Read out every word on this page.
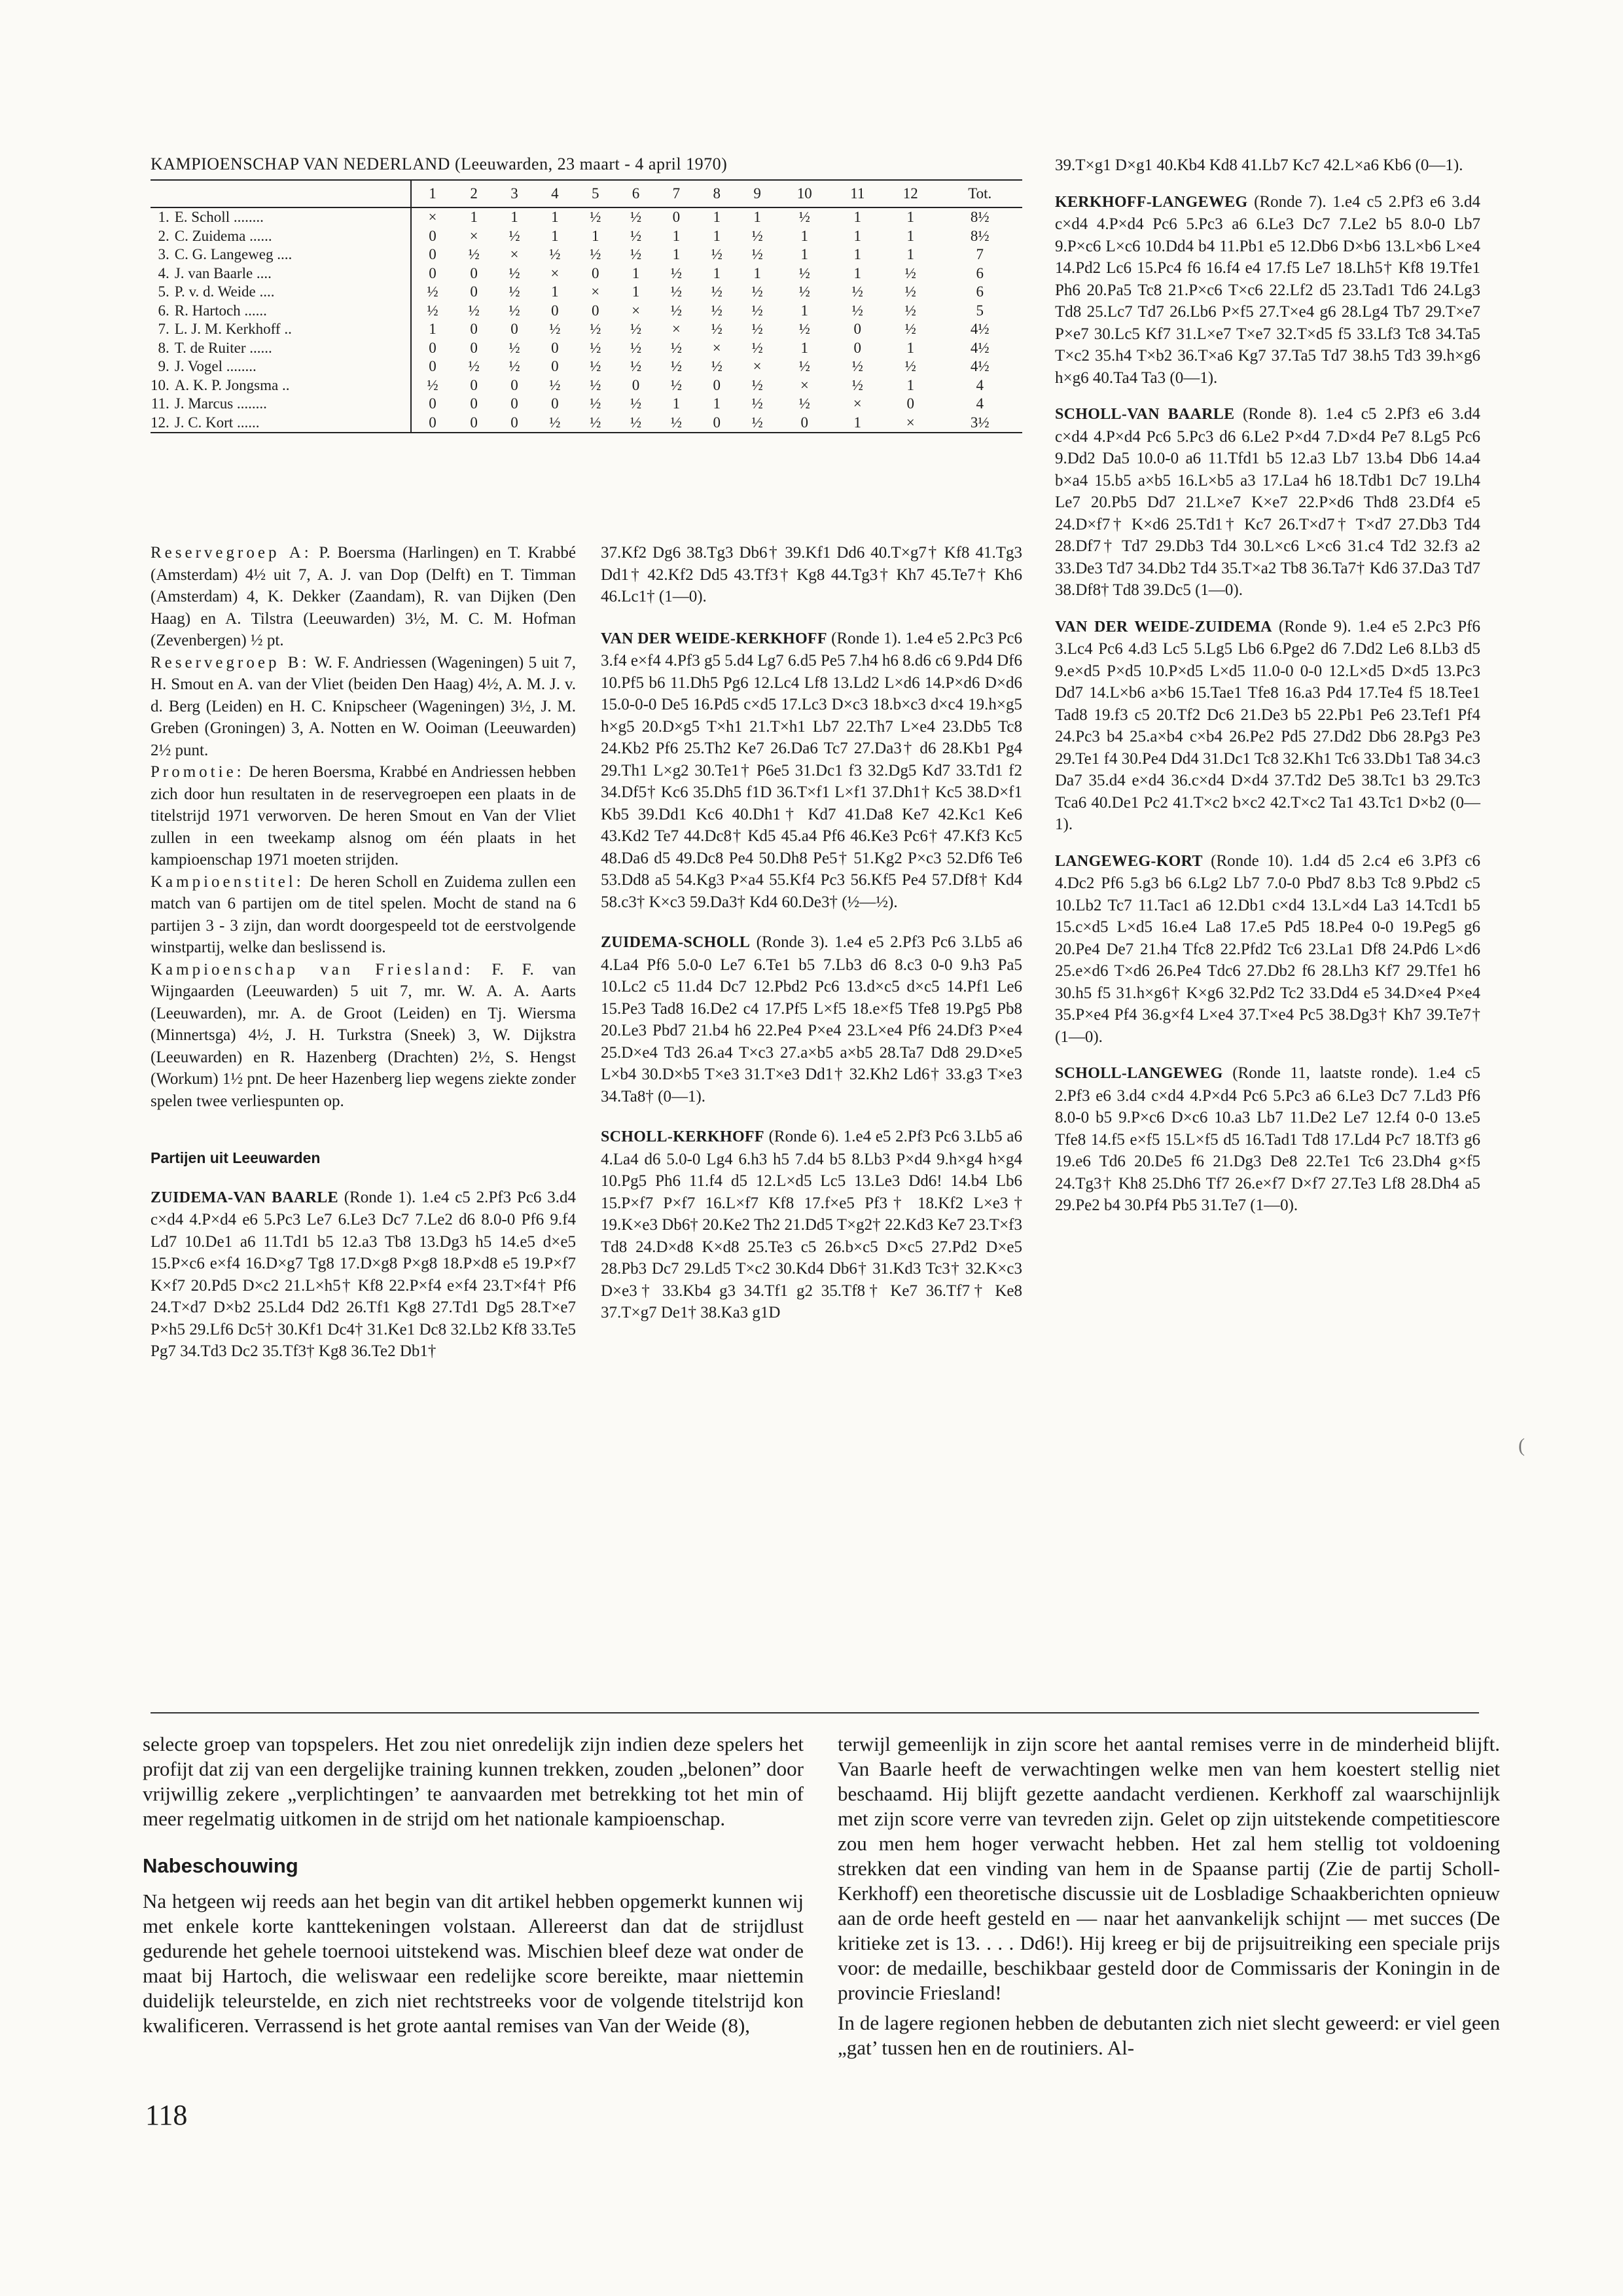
KAMPIOENSCHAP VAN NEDERLAND (Leeuwarden, 23 maart - 4 april 1970)
		1	2	3	4	5	6	7	8	9	10	11	12	Tot.
1.	E. Scholl ........	×	1	1	1	½	½	0	1	1	½	1	1	8½
2.	C. Zuidema ......	0	×	½	1	1	½	1	1	½	1	1	1	8½
3.	C. G. Langeweg ....	0	½	×	½	½	½	1	½	½	1	1	1	7
4.	J. van Baarle ....	0	0	½	×	0	1	½	1	1	½	1	½	6
5.	P. v. d. Weide ....	½	0	½	1	×	1	½	½	½	½	½	½	6
6.	R. Hartoch ......	½	½	½	0	0	×	½	½	½	1	½	½	5
7.	L. J. M. Kerkhoff ..	1	0	0	½	½	½	×	½	½	½	0	½	4½
8.	T. de Ruiter ......	0	0	½	0	½	½	½	×	½	1	0	1	4½
9.	J. Vogel ........	0	½	½	0	½	½	½	½	×	½	½	½	4½
10.	A. K. P. Jongsma ..	½	0	0	½	½	0	½	0	½	×	½	1	4
11.	J. Marcus ........	0	0	0	0	½	½	1	1	½	½	×	0	4
12.	J. C. Kort ......	0	0	0	½	½	½	½	0	½	0	1	×	3½

Reservegroep A: P. Boersma (Harlingen) en T. Krabbé (Amsterdam) 4½ uit 7, A. J. van Dop (Delft) en T. Timman (Amsterdam) 4, K. Dekker (Zaandam), R. van Dijken (Den Haag) en A. Tilstra (Leeuwarden) 3½, M. C. M. Hofman (Zevenbergen) ½ pt.

Reservegroep B: W. F. Andriessen (Wageningen) 5 uit 7, H. Smout en A. van der Vliet (beiden Den Haag) 4½, A. M. J. v. d. Berg (Leiden) en H. C. Knipscheer (Wageningen) 3½, J. M. Greben (Groningen) 3, A. Notten en W. Ooiman (Leeuwarden) 2½ punt.

Promotie: De heren Boersma, Krabbé en Andriessen hebben zich door hun resultaten in de reservegroepen een plaats in de titelstrijd 1971 verworven. De heren Smout en Van der Vliet zullen in een tweekamp alsnog om één plaats in het kampioenschap 1971 moeten strijden.

Kampioenstitel: De heren Scholl en Zuidema zullen een match van 6 partijen om de titel spelen. Mocht de stand na 6 partijen 3 - 3 zijn, dan wordt doorgespeeld tot de eerstvolgende winstpartij, welke dan beslissend is.

Kampioenschap van Friesland: F. F. van Wijngaarden (Leeuwarden) 5 uit 7, mr. W. A. A. Aarts (Leeuwarden), mr. A. de Groot (Leiden) en Tj. Wiersma (Minnertsga) 4½, J. H. Turkstra (Sneek) 3, W. Dijkstra (Leeuwarden) en R. Hazenberg (Drachten) 2½, S. Hengst (Workum) 1½ pnt. De heer Hazenberg liep wegens ziekte zonder spelen twee verliespunten op.

Partijen uit Leeuwarden

ZUIDEMA-VAN BAARLE (Ronde 1). 1.e4 c5 2.Pf3 Pc6 3.d4 c×d4 4.P×d4 e6 5.Pc3 Le7 6.Le3 Dc7 7.Le2 d6 8.0-0 Pf6 9.f4 Ld7 10.De1 a6 11.Td1 b5 12.a3 Tb8 13.Dg3 h5 14.e5 d×e5 15.P×c6 e×f4 16.D×g7 Tg8 17.D×g8 P×g8 18.P×d8 e5 19.P×f7 K×f7 20.Pd5 D×c2 21.L×h5† Kf8 22.P×f4 e×f4 23.T×f4† Pf6 24.T×d7 D×b2 25.Ld4 Dd2 26.Tf1 Kg8 27.Td1 Dg5 28.T×e7 P×h5 29.Lf6 Dc5† 30.Kf1 Dc4† 31.Ke1 Dc8 32.Lb2 Kf8 33.Te5 Pg7 34.Td3 Dc2 35.Tf3† Kg8 36.Te2 Db1†

37.Kf2 Dg6 38.Tg3 Db6† 39.Kf1 Dd6 40.T×g7† Kf8 41.Tg3 Dd1† 42.Kf2 Dd5 43.Tf3† Kg8 44.Tg3† Kh7 45.Te7† Kh6 46.Lc1† (1—0).

VAN DER WEIDE-KERKHOFF (Ronde 1). 1.e4 e5 2.Pc3 Pc6 3.f4 e×f4 4.Pf3 g5 5.d4 Lg7 6.d5 Pe5 7.h4 h6 8.d6 c6 9.Pd4 Df6 10.Pf5 b6 11.Dh5 Pg6 12.Lc4 Lf8 13.Ld2 L×d6 14.P×d6 D×d6 15.0-0-0 De5 16.Pd5 c×d5 17.Lc3 D×c3 18.b×c3 d×c4 19.h×g5 h×g5 20.D×g5 T×h1 21.T×h1 Lb7 22.Th7 L×e4 23.Db5 Tc8 24.Kb2 Pf6 25.Th2 Ke7 26.Da6 Tc7 27.Da3† d6 28.Kb1 Pg4 29.Th1 L×g2 30.Te1† P6e5 31.Dc1 f3 32.Dg5 Kd7 33.Td1 f2 34.Df5† Kc6 35.Dh5 f1D 36.T×f1 L×f1 37.Dh1† Kc5 38.D×f1 Kb5 39.Dd1 Kc6 40.Dh1† Kd7 41.Da8 Ke7 42.Kc1 Ke6 43.Kd2 Te7 44.Dc8† Kd5 45.a4 Pf6 46.Ke3 Pc6† 47.Kf3 Kc5 48.Da6 d5 49.Dc8 Pe4 50.Dh8 Pe5† 51.Kg2 P×c3 52.Df6 Te6 53.Dd8 a5 54.Kg3 P×a4 55.Kf4 Pc3 56.Kf5 Pe4 57.Df8† Kd4 58.c3† K×c3 59.Da3† Kd4 60.De3† (½—½).

ZUIDEMA-SCHOLL (Ronde 3). 1.e4 e5 2.Pf3 Pc6 3.Lb5 a6 4.La4 Pf6 5.0-0 Le7 6.Te1 b5 7.Lb3 d6 8.c3 0-0 9.h3 Pa5 10.Lc2 c5 11.d4 Dc7 12.Pbd2 Pc6 13.d×c5 d×c5 14.Pf1 Le6 15.Pe3 Tad8 16.De2 c4 17.Pf5 L×f5 18.e×f5 Tfe8 19.Pg5 Pb8 20.Le3 Pbd7 21.b4 h6 22.Pe4 P×e4 23.L×e4 Pf6 24.Df3 P×e4 25.D×e4 Td3 26.a4 T×c3 27.a×b5 a×b5 28.Ta7 Dd8 29.D×e5 L×b4 30.D×b5 T×e3 31.T×e3 Dd1† 32.Kh2 Ld6† 33.g3 T×e3 34.Ta8† (0—1).

SCHOLL-KERKHOFF (Ronde 6). 1.e4 e5 2.Pf3 Pc6 3.Lb5 a6 4.La4 d6 5.0-0 Lg4 6.h3 h5 7.d4 b5 8.Lb3 P×d4 9.h×g4 h×g4 10.Pg5 Ph6 11.f4 d5 12.L×d5 Lc5 13.Le3 Dd6! 14.b4 Lb6 15.P×f7 P×f7 16.L×f7 Kf8 17.f×e5 Pf3† 18.Kf2 L×e3† 19.K×e3 Db6† 20.Ke2 Th2 21.Dd5 T×g2† 22.Kd3 Ke7 23.T×f3 Td8 24.D×d8 K×d8 25.Te3 c5 26.b×c5 D×c5 27.Pd2 D×e5 28.Pb3 Dc7 29.Ld5 T×c2 30.Kd4 Db6† 31.Kd3 Tc3† 32.K×c3 D×e3† 33.Kb4 g3 34.Tf1 g2 35.Tf8† Ke7 36.Tf7† Ke8 37.T×g7 De1† 38.Ka3 g1D

39.T×g1 D×g1 40.Kb4 Kd8 41.Lb7 Kc7 42.L×a6 Kb6 (0—1).

KERKHOFF-LANGEWEG (Ronde 7). 1.e4 c5 2.Pf3 e6 3.d4 c×d4 4.P×d4 Pc6 5.Pc3 a6 6.Le3 Dc7 7.Le2 b5 8.0-0 Lb7 9.P×c6 L×c6 10.Dd4 b4 11.Pb1 e5 12.Db6 D×b6 13.L×b6 L×e4 14.Pd2 Lc6 15.Pc4 f6 16.f4 e4 17.f5 Le7 18.Lh5† Kf8 19.Tfe1 Ph6 20.Pa5 Tc8 21.P×c6 T×c6 22.Lf2 d5 23.Tad1 Td6 24.Lg3 Td8 25.Lc7 Td7 26.Lb6 P×f5 27.T×e4 g6 28.Lg4 Tb7 29.T×e7 P×e7 30.Lc5 Kf7 31.L×e7 T×e7 32.T×d5 f5 33.Lf3 Tc8 34.Ta5 T×c2 35.h4 T×b2 36.T×a6 Kg7 37.Ta5 Td7 38.h5 Td3 39.h×g6 h×g6 40.Ta4 Ta3 (0—1).

SCHOLL-VAN BAARLE (Ronde 8). 1.e4 c5 2.Pf3 e6 3.d4 c×d4 4.P×d4 Pc6 5.Pc3 d6 6.Le2 P×d4 7.D×d4 Pe7 8.Lg5 Pc6 9.Dd2 Da5 10.0-0 a6 11.Tfd1 b5 12.a3 Lb7 13.b4 Db6 14.a4 b×a4 15.b5 a×b5 16.L×b5 a3 17.La4 h6 18.Tdb1 Dc7 19.Lh4 Le7 20.Pb5 Dd7 21.L×e7 K×e7 22.P×d6 Thd8 23.Df4 e5 24.D×f7† K×d6 25.Td1† Kc7 26.T×d7† T×d7 27.Db3 Td4 28.Df7† Td7 29.Db3 Td4 30.L×c6 L×c6 31.c4 Td2 32.f3 a2 33.De3 Td7 34.Db2 Td4 35.T×a2 Tb8 36.Ta7† Kd6 37.Da3 Td7 38.Df8† Td8 39.Dc5 (1—0).

VAN DER WEIDE-ZUIDEMA (Ronde 9). 1.e4 e5 2.Pc3 Pf6 3.Lc4 Pc6 4.d3 Lc5 5.Lg5 Lb6 6.Pge2 d6 7.Dd2 Le6 8.Lb3 d5 9.e×d5 P×d5 10.P×d5 L×d5 11.0-0 0-0 12.L×d5 D×d5 13.Pc3 Dd7 14.L×b6 a×b6 15.Tae1 Tfe8 16.a3 Pd4 17.Te4 f5 18.Tee1 Tad8 19.f3 c5 20.Tf2 Dc6 21.De3 b5 22.Pb1 Pe6 23.Tef1 Pf4 24.Pc3 b4 25.a×b4 c×b4 26.Pe2 Pd5 27.Dd2 Db6 28.Pg3 Pe3 29.Te1 f4 30.Pe4 Dd4 31.Dc1 Tc8 32.Kh1 Tc6 33.Db1 Ta8 34.c3 Da7 35.d4 e×d4 36.c×d4 D×d4 37.Td2 De5 38.Tc1 b3 29.Tc3 Tca6 40.De1 Pc2 41.T×c2 b×c2 42.T×c2 Ta1 43.Tc1 D×b2 (0—1).

LANGEWEG-KORT (Ronde 10). 1.d4 d5 2.c4 e6 3.Pf3 c6 4.Dc2 Pf6 5.g3 b6 6.Lg2 Lb7 7.0-0 Pbd7 8.b3 Tc8 9.Pbd2 c5 10.Lb2 Tc7 11.Tac1 a6 12.Db1 c×d4 13.L×d4 La3 14.Tcd1 b5 15.c×d5 L×d5 16.e4 La8 17.e5 Pd5 18.Pe4 0-0 19.Peg5 g6 20.Pe4 De7 21.h4 Tfc8 22.Pfd2 Tc6 23.La1 Df8 24.Pd6 L×d6 25.e×d6 T×d6 26.Pe4 Tdc6 27.Db2 f6 28.Lh3 Kf7 29.Tfe1 h6 30.h5 f5 31.h×g6† K×g6 32.Pd2 Tc2 33.Dd4 e5 34.D×e4 P×e4 35.P×e4 Pf4 36.g×f4 L×e4 37.T×e4 Pc5 38.Dg3† Kh7 39.Te7† (1—0).

SCHOLL-LANGEWEG (Ronde 11, laatste ronde). 1.e4 c5 2.Pf3 e6 3.d4 c×d4 4.P×d4 Pc6 5.Pc3 a6 6.Le3 Dc7 7.Ld3 Pf6 8.0-0 b5 9.P×c6 D×c6 10.a3 Lb7 11.De2 Le7 12.f4 0-0 13.e5 Tfe8 14.f5 e×f5 15.L×f5 d5 16.Tad1 Td8 17.Ld4 Pc7 18.Tf3 g6 19.e6 Td6 20.De5 f6 21.Dg3 De8 22.Te1 Tc6 23.Dh4 g×f5 24.Tg3† Kh8 25.Dh6 Tf7 26.e×f7 D×f7 27.Te3 Lf8 28.Dh4 a5 29.Pe2 b4 30.Pf4 Pb5 31.Te7 (1—0).

(

selecte groep van topspelers. Het zou niet onredelijk zijn indien deze spelers het profijt dat zij van een dergelijke training kunnen trekken, zouden „belonen” door vrijwillig zekere „verplichtingen’ te aanvaarden met betrekking tot het min of meer regelmatig uitkomen in de strijd om het nationale kampioenschap.

Nabeschouwing

Na hetgeen wij reeds aan het begin van dit artikel hebben opgemerkt kunnen wij met enkele korte kanttekeningen volstaan. Allereerst dan dat de strijdlust gedurende het gehele toernooi uitstekend was. Mischien bleef deze wat onder de maat bij Hartoch, die weliswaar een redelijke score bereikte, maar niettemin duidelijk teleurstelde, en zich niet rechtstreeks voor de volgende titelstrijd kon kwalificeren. Verrassend is het grote aantal remises van Van der Weide (8),

terwijl gemeenlijk in zijn score het aantal remises verre in de minderheid blijft. Van Baarle heeft de verwachtingen welke men van hem koestert stellig niet beschaamd. Hij blijft gezette aandacht verdienen. Kerkhoff zal waarschijnlijk met zijn score verre van tevreden zijn. Gelet op zijn uitstekende competitiescore zou men hem hoger verwacht hebben. Het zal hem stellig tot voldoening strekken dat een vinding van hem in de Spaanse partij (Zie de partij Scholl-Kerkhoff) een theoretische discussie uit de Losbladige Schaakberichten opnieuw aan de orde heeft gesteld en — naar het aanvankelijk schijnt — met succes (De kritieke zet is 13. . . . Dd6!). Hij kreeg er bij de prijsuitreiking een speciale prijs voor: de medaille, beschikbaar gesteld door de Commissaris der Koningin in de provincie Friesland!

In de lagere regionen hebben de debutanten zich niet slecht geweerd: er viel geen „gat’ tussen hen en de routiniers. Al-

118
